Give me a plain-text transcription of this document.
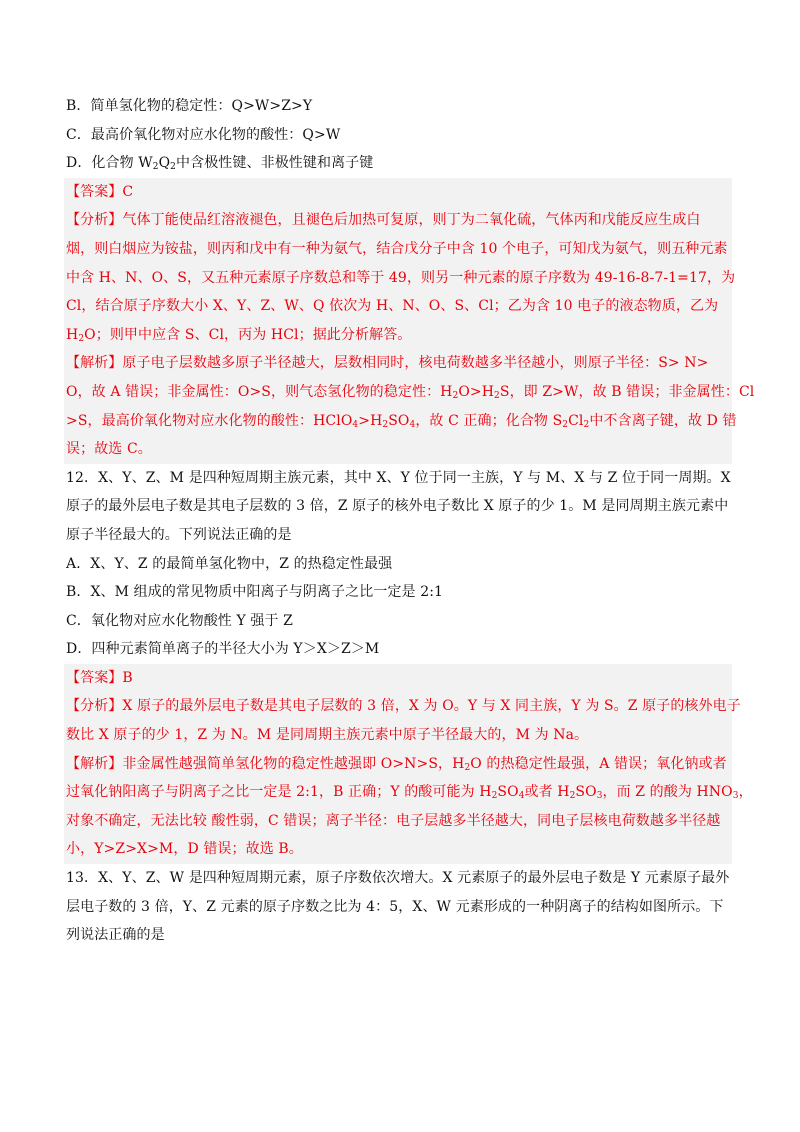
B．简单氢化物的稳定性：Q>W>Z>Y

C．最高价氧化物对应水化物的酸性：Q>W

D．化合物 $W_2Q_2$中含极性键、非极性键和离子键

【答案】C

【分析】气体丁能使品红溶液褪色，且褪色后加热可复原，则丁为二氧化硫，气体丙和戊能反应生成白

烟，则白烟应为铵盐，则丙和戊中有一种为氨气，结合戊分子中含 10 个电子，可知戊为氨气，则五种元素

中含 H、N、O、S，又五种元素原子序数总和等于 49，则另一种元素的原子序数为 49-16-8-7-1=17，为

Cl，结合原子序数大小 X、Y、Z、W、Q 依次为 H、N、O、S、Cl；乙为含 10 电子的液态物质，乙为

$H_2O$；则甲中应含 S、Cl，丙为 HCl；据此分析解答。

【解析】原子电子层数越多原子半径越大，层数相同时，核电荷数越多半径越小，则原子半径：S> N>

O，故 A 错误；非金属性：O>S，则气态氢化物的稳定性：$H_2O>H_2S$，即 Z>W，故 B 错误；非金属性：Cl

>S，最高价氧化物对应水化物的酸性：$HClO_4>H_2SO_4$，故 C 正确；化合物 $S_2Cl_2$中不含离子键，故 D 错

误；故选 C。

12．X、Y、Z、M 是四种短周期主族元素，其中 X、Y 位于同一主族，Y 与 M、X 与 Z 位于同一周期。X

原子的最外层电子数是其电子层数的 3 倍，Z 原子的核外电子数比 X 原子的少 1。M 是同周期主族元素中

原子半径最大的。下列说法正确的是

A．X、Y、Z 的最简单氢化物中，Z 的热稳定性最强

B．X、M 组成的常见物质中阳离子与阴离子之比一定是 2:1

C．氧化物对应水化物酸性 Y 强于 Z

D．四种元素简单离子的半径大小为 Y＞X＞Z＞M

【答案】B

【分析】X 原子的最外层电子数是其电子层数的 3 倍，X 为 O。Y 与 X 同主族，Y 为 S。Z 原子的核外电子

数比 X 原子的少 1，Z 为 N。M 是同周期主族元素中原子半径最大的，M 为 Na。

【解析】非金属性越强简单氢化物的稳定性越强即 O>N>S，$H_2O$ 的热稳定性最强，A 错误；氧化钠或者

过氧化钠阳离子与阴离子之比一定是 2:1，B 正确；Y 的酸可能为 $H_2SO_4$或者 $H_2SO_3$，而 Z 的酸为 $HNO_3$，

对象不确定，无法比较 酸性弱，C 错误；离子半径：电子层越多半径越大，同电子层核电荷数越多半径越

小，Y>Z>X>M，D 错误；故选 B。

13．X、Y、Z、W 是四种短周期元素，原子序数依次增大。X 元素原子的最外层电子数是 Y 元素原子最外

层电子数的 3 倍，Y、Z 元素的原子序数之比为 4：5，X、W 元素形成的一种阴离子的结构如图所示。下

列说法正确的是
